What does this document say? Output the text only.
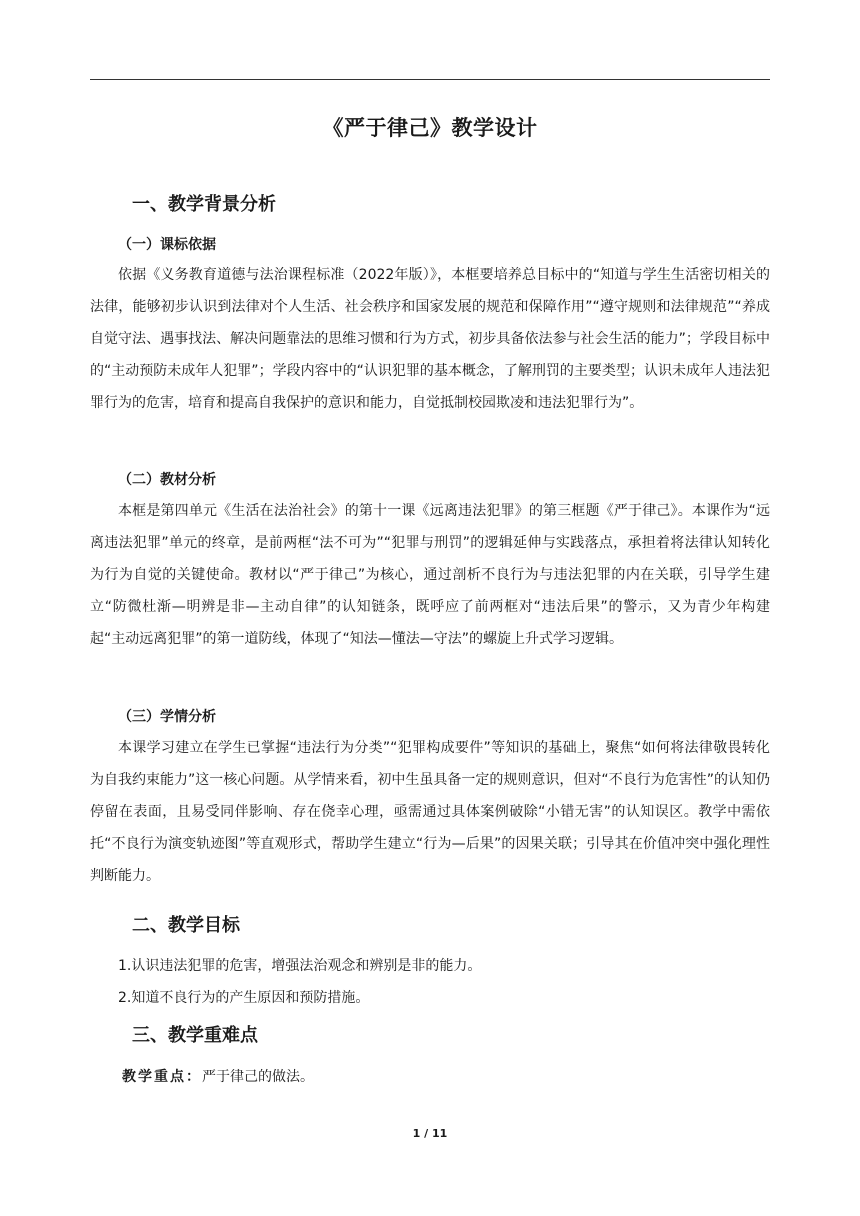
《严于律己》教学设计
一、教学背景分析
（一）课标依据

依据《义务教育道德与法治课程标准（2022年版）》，本框要培养总目标中的“知道与学生生活密切相关的法律，能够初步认识到法律对个人生活、社会秩序和国家发展的规范和保障作用”“遵守规则和法律规范”“养成自觉守法、遇事找法、解决问题靠法的思维习惯和行为方式，初步具备依法参与社会生活的能力”；学段目标中的“主动预防未成年人犯罪”；学段内容中的“认识犯罪的基本概念，了解刑罚的主要类型；认识未成年人违法犯罪行为的危害，培育和提高自我保护的意识和能力，自觉抵制校园欺凌和违法犯罪行为”。

（二）教材分析

本框是第四单元《生活在法治社会》的第十一课《远离违法犯罪》的第三框题《严于律己》。本课作为“远离违法犯罪”单元的终章，是前两框“法不可为”“犯罪与刑罚”的逻辑延伸与实践落点，承担着将法律认知转化为行为自觉的关键使命。教材以“严于律己”为核心，通过剖析不良行为与违法犯罪的内在关联，引导学生建立“防微杜渐—明辨是非—主动自律”的认知链条，既呼应了前两框对“违法后果”的警示，又为青少年构建起“主动远离犯罪”的第一道防线，体现了“知法—懂法—守法”的螺旋上升式学习逻辑。

（三）学情分析

本课学习建立在学生已掌握“违法行为分类”“犯罪构成要件”等知识的基础上，聚焦“如何将法律敬畏转化为自我约束能力”这一核心问题。从学情来看，初中生虽具备一定的规则意识，但对“不良行为危害性”的认知仍停留在表面，且易受同伴影响、存在侥幸心理，亟需通过具体案例破除“小错无害”的认知误区。教学中需依托“不良行为演变轨迹图”等直观形式，帮助学生建立“行为—后果”的因果关联；引导其在价值冲突中强化理性判断能力。

二、教学目标
1.认识违法犯罪的危害，增强法治观念和辨别是非的能力。
2.知道不良行为的产生原因和预防措施。
三、教学重难点
教学重点：严于律己的做法。
1 / 11
